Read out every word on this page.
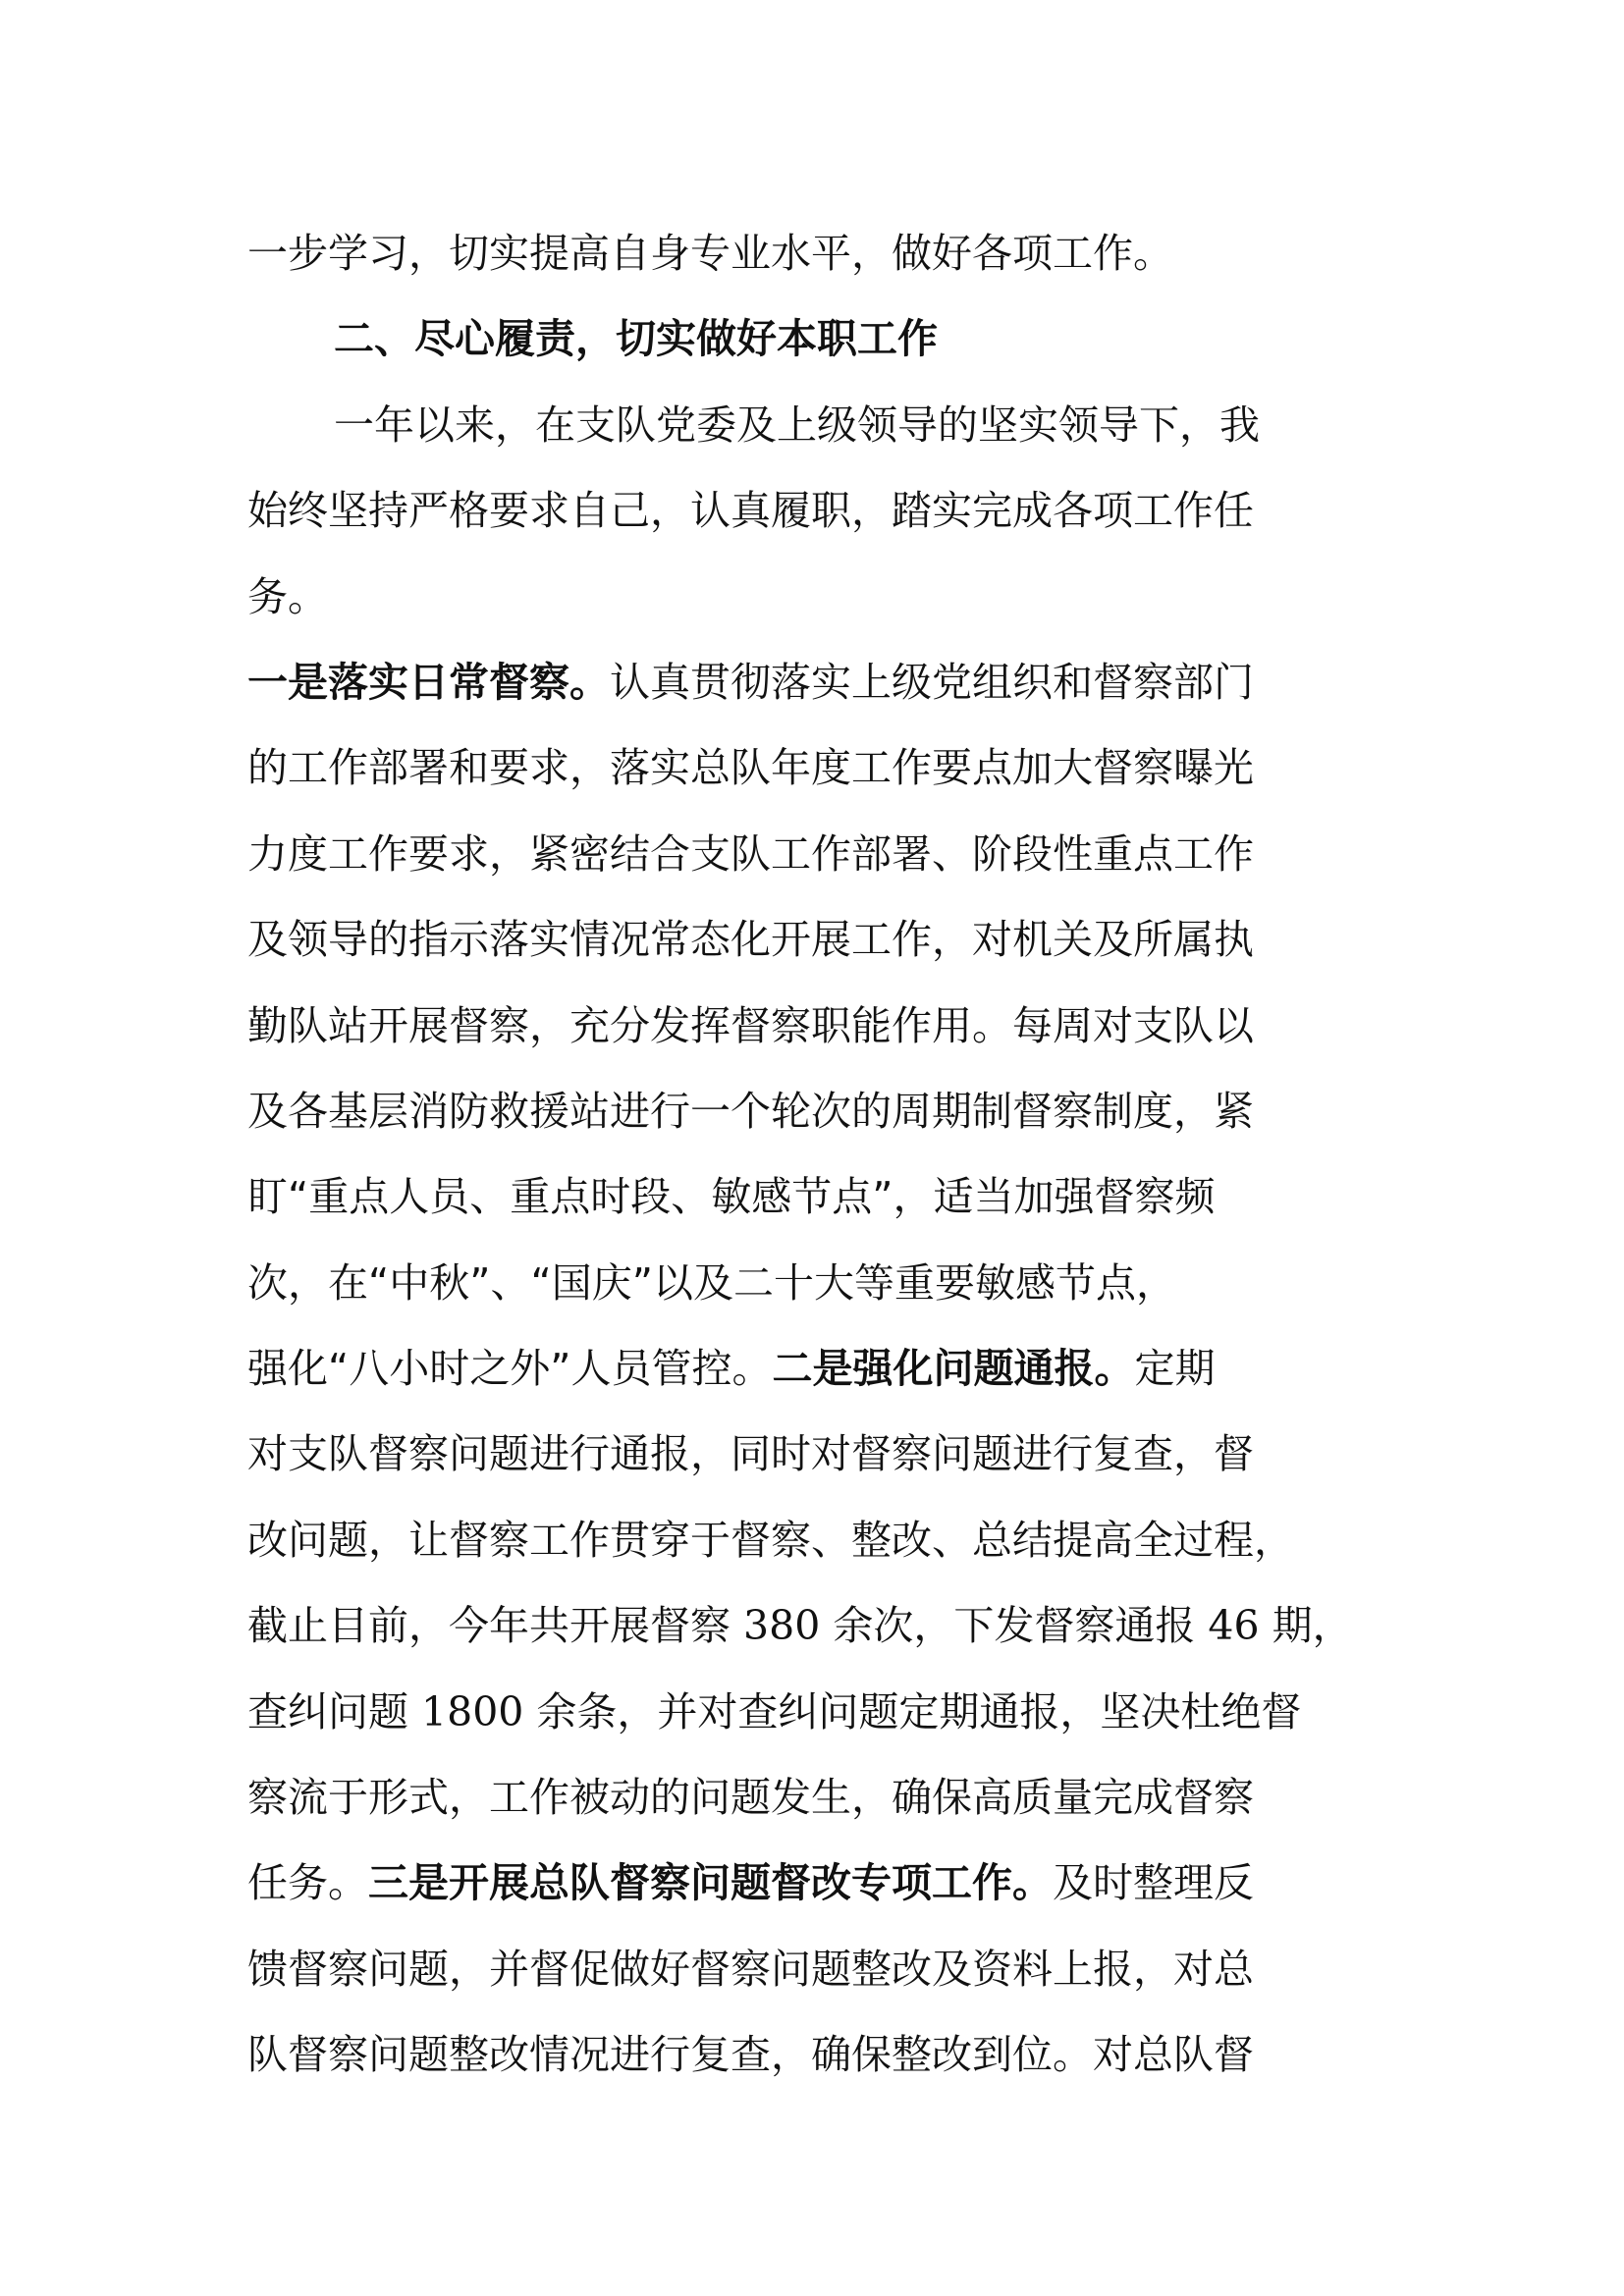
一步学习，切实提高自身专业水平，做好各项工作。
二、尽心履责，切实做好本职工作
一年以来，在支队党委及上级领导的坚实领导下，我
始终坚持严格要求自己，认真履职，踏实完成各项工作任
务。
一是落实日常督察。认真贯彻落实上级党组织和督察部门
的工作部署和要求，落实总队年度工作要点加大督察曝光
力度工作要求，紧密结合支队工作部署、阶段性重点工作
及领导的指示落实情况常态化开展工作，对机关及所属执
勤队站开展督察，充分发挥督察职能作用。每周对支队以
及各基层消防救援站进行一个轮次的周期制督察制度，紧
盯“重点人员、重点时段、敏感节点”，适当加强督察频
次，在“中秋”、“国庆”以及二十大等重要敏感节点，
强化“八小时之外”人员管控。二是强化问题通报。定期
对支队督察问题进行通报，同时对督察问题进行复查，督
改问题，让督察工作贯穿于督察、整改、总结提高全过程，
截止目前，今年共开展督察 380 余次，下发督察通报 46 期，
查纠问题 1800 余条，并对查纠问题定期通报，坚决杜绝督
察流于形式，工作被动的问题发生，确保高质量完成督察
任务。三是开展总队督察问题督改专项工作。及时整理反
馈督察问题，并督促做好督察问题整改及资料上报，对总
队督察问题整改情况进行复查，确保整改到位。对总队督
